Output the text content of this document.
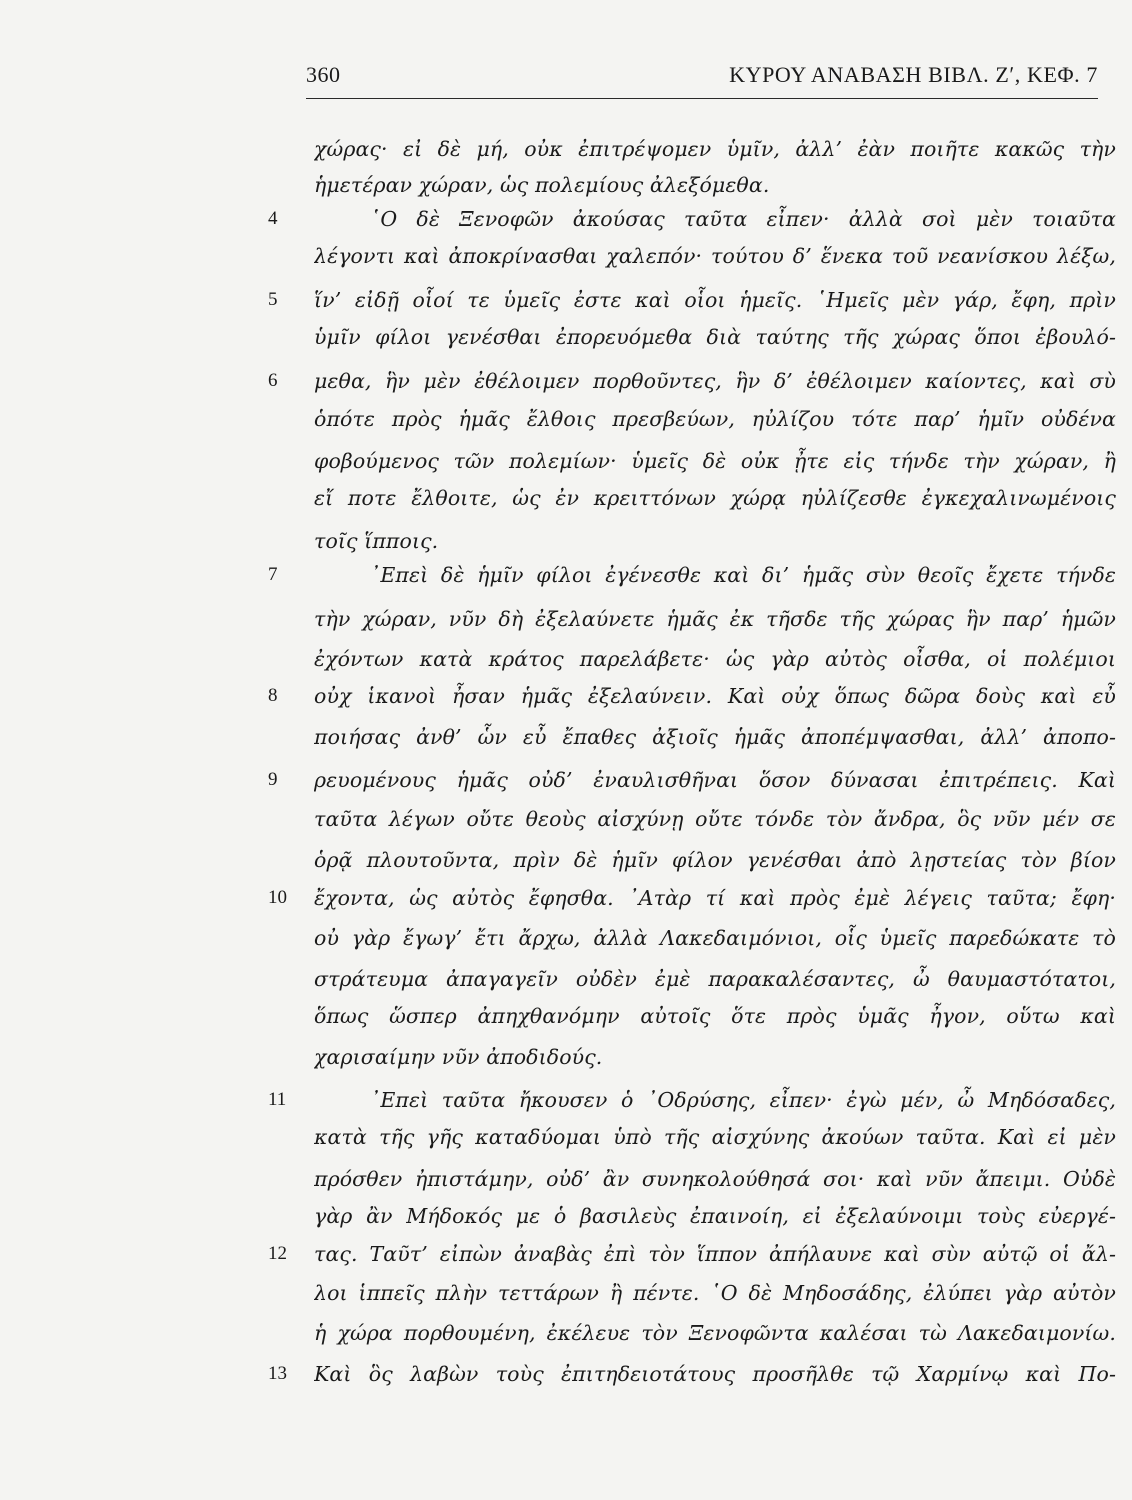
360	ΚΥΡΟΥ ΑΝΑΒΑΣΗ ΒΙΒΛ. Ζʹ, ΚΕΦ. 7
4
5
6
7
8
9
10
11
12
13
χώρας· εἰ δὲ μή, οὐκ ἐπιτρέψομεν ὑμῖν, ἀλλ’ ἐὰν ποιῆτε κακῶς τὴν
ἡμετέραν χώραν, ὡς πολεμίους ἀλεξόμεθα.
῾Ο δὲ Ξενοφῶν ἀκούσας ταῦτα εἶπεν· ἀλλὰ σοὶ μὲν τοιαῦτα
λέγοντι καὶ ἀποκρίνασθαι χαλεπόν· τούτου δ’ ἕνεκα τοῦ νεανίσκου λέξω,
ἵν’ εἰδῇ οἷοί τε ὑμεῖς ἐστε καὶ οἷοι ἡμεῖς. ῾Ημεῖς μὲν γάρ, ἔφη, πρὶν
ὑμῖν φίλοι γενέσθαι ἐπορευόμεθα διὰ ταύτης τῆς χώρας ὅποι ἐβουλό-
μεθα, ἣν μὲν ἐθέλοιμεν πορθοῦντες, ἣν δ’ ἐθέλοιμεν καίοντες, καὶ σὺ
ὁπότε πρὸς ἡμᾶς ἔλθοις πρεσβεύων, ηὐλίζου τότε παρ’ ἡμῖν οὐδένα
φοβούμενος τῶν πολεμίων· ὑμεῖς δὲ οὐκ ᾖτε εἰς τήνδε τὴν χώραν, ἢ
εἴ ποτε ἔλθοιτε, ὡς ἐν κρειττόνων χώρᾳ ηὐλίζεσθε ἐγκεχαλινωμένοις
τοῖς ἵπποις.
᾿Επεὶ δὲ ἡμῖν φίλοι ἐγένεσθε καὶ δι’ ἡμᾶς σὺν θεοῖς ἔχετε τήνδε
τὴν χώραν, νῦν δὴ ἐξελαύνετε ἡμᾶς ἐκ τῆσδε τῆς χώρας ἣν παρ’ ἡμῶν
ἐχόντων κατὰ κράτος παρελάβετε· ὡς γὰρ αὐτὸς οἶσθα, οἱ πολέμιοι
οὐχ ἱκανοὶ ἦσαν ἡμᾶς ἐξελαύνειν. Καὶ οὐχ ὅπως δῶρα δοὺς καὶ εὖ
ποιήσας ἀνθ’ ὧν εὖ ἔπαθες ἀξιοῖς ἡμᾶς ἀποπέμψασθαι, ἀλλ’ ἀποπο-
ρευομένους ἡμᾶς οὐδ’ ἐναυλισθῆναι ὅσον δύνασαι ἐπιτρέπεις. Καὶ
ταῦτα λέγων οὔτε θεοὺς αἰσχύνῃ οὔτε τόνδε τὸν ἄνδρα, ὃς νῦν μέν σε
ὁρᾷ πλουτοῦντα, πρὶν δὲ ἡμῖν φίλον γενέσθαι ἀπὸ λῃστείας τὸν βίον
ἔχοντα, ὡς αὐτὸς ἔφησθα. ᾿Ατὰρ τί καὶ πρὸς ἐμὲ λέγεις ταῦτα; ἔφη·
οὐ γὰρ ἔγωγ’ ἔτι ἄρχω, ἀλλὰ Λακεδαιμόνιοι, οἷς ὑμεῖς παρεδώκατε τὸ
στράτευμα ἀπαγαγεῖν οὐδὲν ἐμὲ παρακαλέσαντες, ὦ θαυμαστότατοι,
ὅπως ὥσπερ ἀπηχθανόμην αὐτοῖς ὅτε πρὸς ὑμᾶς ἦγον, οὕτω καὶ
χαρισαίμην νῦν ἀποδιδούς.
᾿Επεὶ ταῦτα ἤκουσεν ὁ ᾿Οδρύσης, εἶπεν· ἐγὼ μέν, ὦ Μηδόσαδες,
κατὰ τῆς γῆς καταδύομαι ὑπὸ τῆς αἰσχύνης ἀκούων ταῦτα. Καὶ εἰ μὲν
πρόσθεν ἠπιστάμην, οὐδ’ ἂν συνηκολούθησά σοι· καὶ νῦν ἄπειμι. Οὐδὲ
γὰρ ἂν Μήδοκός με ὁ βασιλεὺς ἐπαινοίη, εἰ ἐξελαύνοιμι τοὺς εὐεργέ-
τας. Ταῦτ’ εἰπὼν ἀναβὰς ἐπὶ τὸν ἵππον ἀπήλαυνε καὶ σὺν αὐτῷ οἱ ἄλ-
λοι ἱππεῖς πλὴν τεττάρων ἢ πέντε. ῾Ο δὲ Μηδοσάδης, ἐλύπει γὰρ αὐτὸν
ἡ χώρα πορθουμένη, ἐκέλευε τὸν Ξενοφῶντα καλέσαι τὼ Λακεδαιμονίω.
Καὶ ὃς λαβὼν τοὺς ἐπιτηδειοτάτους προσῆλθε τῷ Χαρμίνῳ καὶ Πο-
